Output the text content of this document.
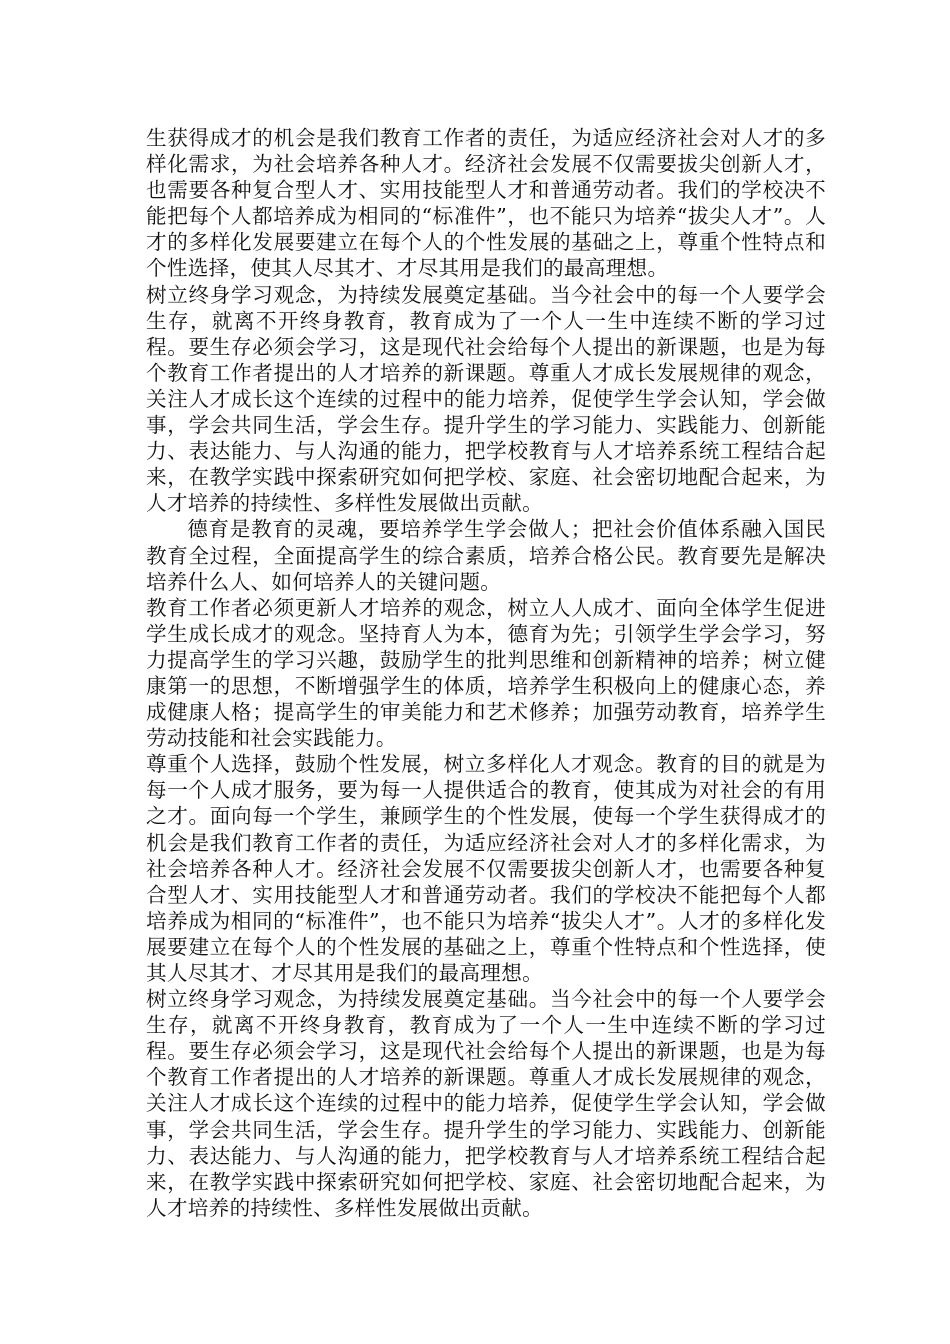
生获得成才的机会是我们教育工作者的责任，为适应经济社会对人才的多样化需求，为社会培养各种人才。经济社会发展不仅需要拔尖创新人才，也需要各种复合型人才、实用技能型人才和普通劳动者。我们的学校决不能把每个人都培养成为相同的“标准件”，也不能只为培养“拔尖人才”。人才的多样化发展要建立在每个人的个性发展的基础之上，尊重个性特点和个性选择，使其人尽其才、才尽其用是我们的最高理想。

树立终身学习观念，为持续发展奠定基础。当今社会中的每一个人要学会生存，就离不开终身教育，教育成为了一个人一生中连续不断的学习过程。要生存必须会学习，这是现代社会给每个人提出的新课题，也是为每个教育工作者提出的人才培养的新课题。尊重人才成长发展规律的观念，关注人才成长这个连续的过程中的能力培养，促使学生学会认知，学会做事，学会共同生活，学会生存。提升学生的学习能力、实践能力、创新能力、表达能力、与人沟通的能力，把学校教育与人才培养系统工程结合起来，在教学实践中探索研究如何把学校、家庭、社会密切地配合起来，为人才培养的持续性、多样性发展做出贡献。

德育是教育的灵魂，要培养学生学会做人；把社会价值体系融入国民教育全过程，全面提高学生的综合素质，培养合格公民。教育要先是解决培养什么人、如何培养人的关键问题。

教育工作者必须更新人才培养的观念，树立人人成才、面向全体学生促进学生成长成才的观念。坚持育人为本，德育为先；引领学生学会学习，努力提高学生的学习兴趣，鼓励学生的批判思维和创新精神的培养；树立健康第一的思想，不断增强学生的体质，培养学生积极向上的健康心态，养成健康人格；提高学生的审美能力和艺术修养；加强劳动教育，培养学生劳动技能和社会实践能力。

尊重个人选择，鼓励个性发展，树立多样化人才观念。教育的目的就是为每一个人成才服务，要为每一人提供适合的教育，使其成为对社会的有用之才。面向每一个学生，兼顾学生的个性发展，使每一个学生获得成才的机会是我们教育工作者的责任，为适应经济社会对人才的多样化需求，为社会培养各种人才。经济社会发展不仅需要拔尖创新人才，也需要各种复合型人才、实用技能型人才和普通劳动者。我们的学校决不能把每个人都培养成为相同的“标准件”，也不能只为培养“拔尖人才”。人才的多样化发展要建立在每个人的个性发展的基础之上，尊重个性特点和个性选择，使其人尽其才、才尽其用是我们的最高理想。

树立终身学习观念，为持续发展奠定基础。当今社会中的每一个人要学会生存，就离不开终身教育，教育成为了一个人一生中连续不断的学习过程。要生存必须会学习，这是现代社会给每个人提出的新课题，也是为每个教育工作者提出的人才培养的新课题。尊重人才成长发展规律的观念，关注人才成长这个连续的过程中的能力培养，促使学生学会认知，学会做事，学会共同生活，学会生存。提升学生的学习能力、实践能力、创新能力、表达能力、与人沟通的能力，把学校教育与人才培养系统工程结合起来，在教学实践中探索研究如何把学校、家庭、社会密切地配合起来，为人才培养的持续性、多样性发展做出贡献。
